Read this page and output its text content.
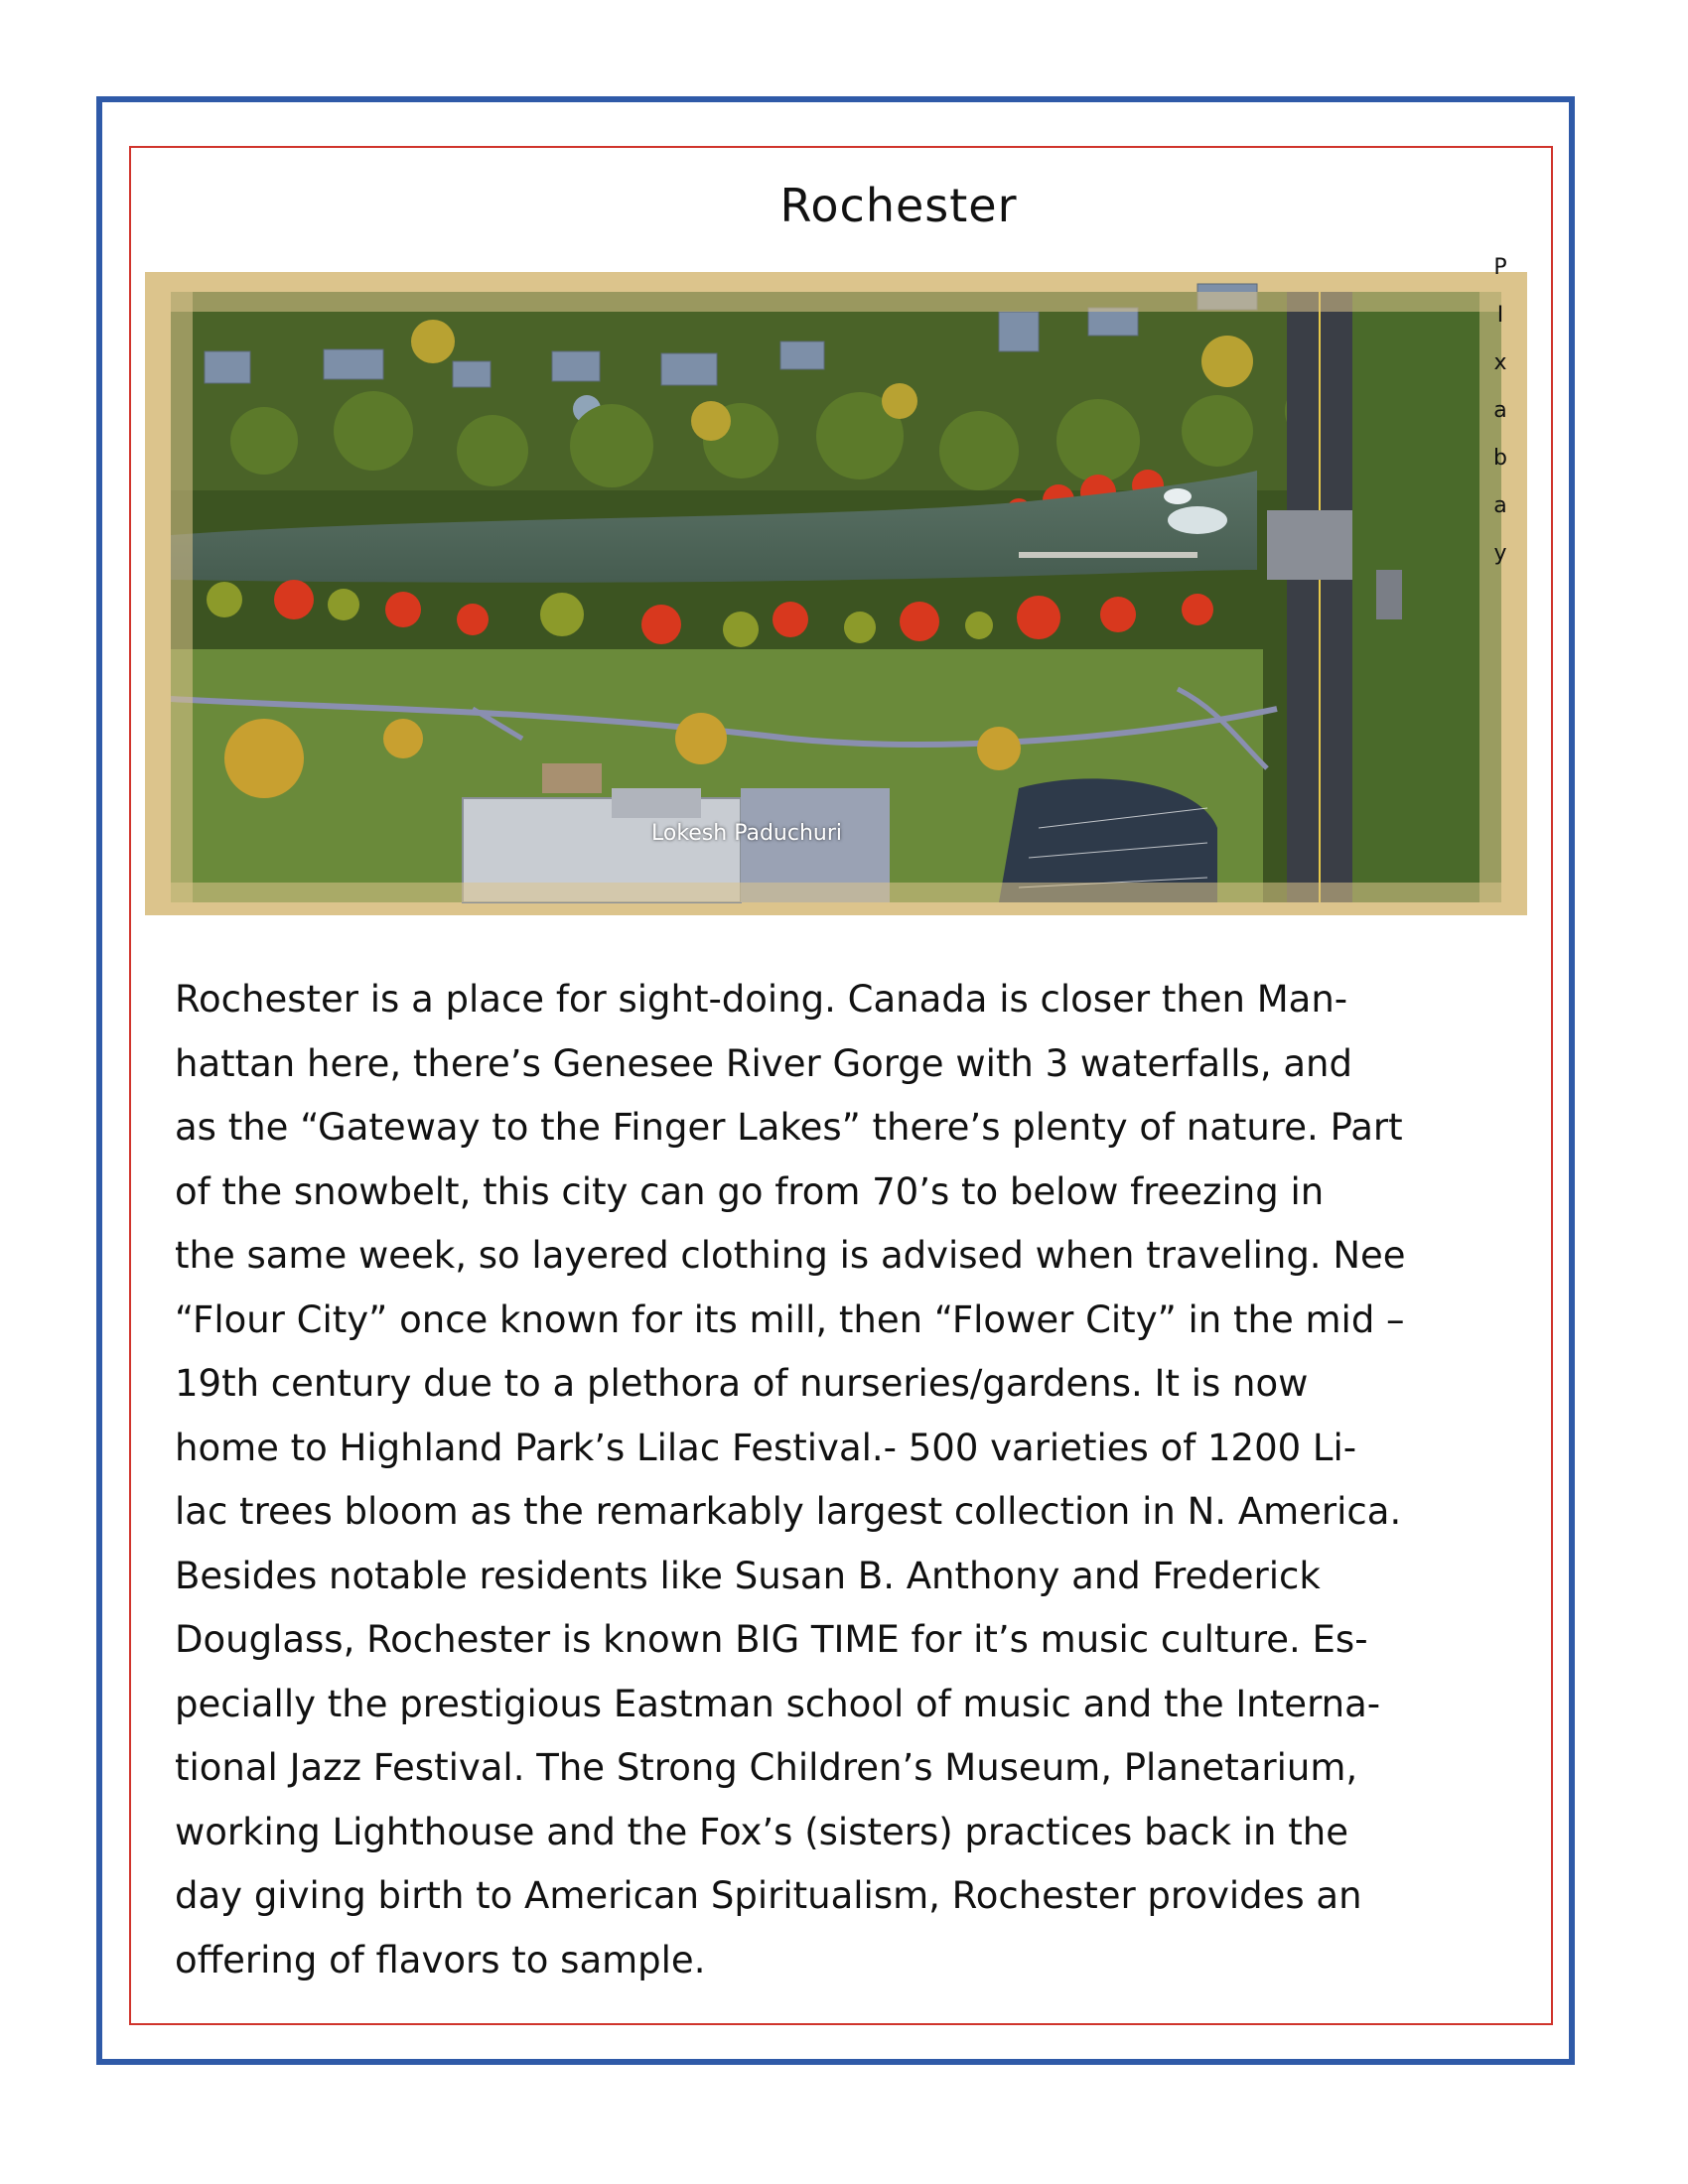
Rochester
Lokesh Paduchuri
P
I
x
a
b
a
y

Rochester is a place for sight-doing. Canada is closer then Man-
hattan here, there’s Genesee River Gorge with 3 waterfalls, and
as the “Gateway to the Finger Lakes” there’s plenty of nature. Part
of the snowbelt, this city can go from 70’s to below freezing in
the same week, so layered clothing is advised when traveling. Nee
“Flour City” once known for its mill, then “Flower City” in the mid –
19th century due to a plethora of nurseries/gardens. It is now
home to Highland Park’s Lilac Festival.- 500 varieties of 1200 Li-
lac trees bloom as the remarkably largest collection in N. America.
Besides notable residents like Susan B. Anthony and Frederick
Douglass, Rochester is known BIG TIME for it’s music culture. Es-
pecially the prestigious Eastman school of music and the Interna-
tional Jazz Festival. The Strong Children’s Museum, Planetarium,
working Lighthouse and the Fox’s (sisters) practices back in the
day giving birth to American Spiritualism, Rochester provides an
offering of flavors to sample.
